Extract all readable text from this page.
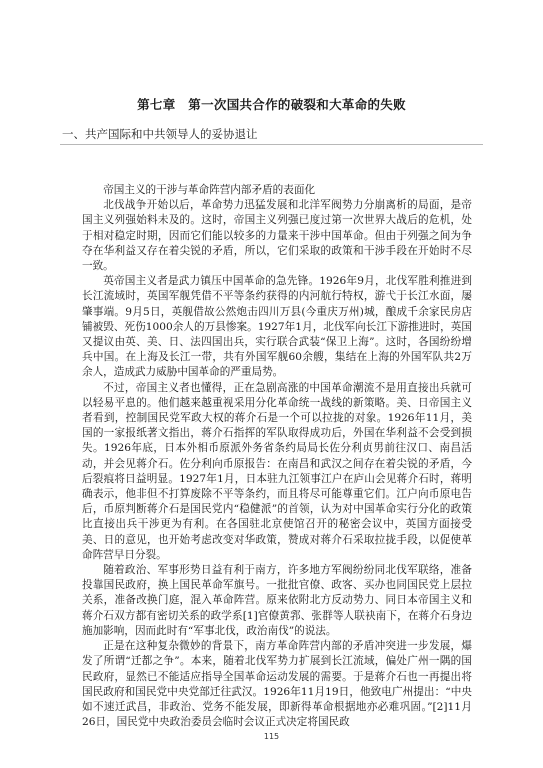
第七章　第一次国共合作的破裂和大革命的失败
一、共产国际和中共领导人的妥协退让

帝国主义的干涉与革命阵营内部矛盾的表面化

北伐战争开始以后，革命势力迅猛发展和北洋军阀势力分崩离析的局面，是帝国主义列强始料未及的。这时，帝国主义列强已度过第一次世界大战后的危机，处于相对稳定时期，因而它们能以较多的力量来干涉中国革命。但由于列强之间为争夺在华利益又存在着尖锐的矛盾，所以，它们采取的政策和干涉手段在开始时不尽一致。

英帝国主义者是武力镇压中国革命的急先锋。1926年9月，北伐军胜利推进到长江流域时，英国军舰凭借不平等条约获得的内河航行特权，游弋于长江水面，屡肇事端。9月5日，英舰借故公然炮击四川万县(今重庆万州)城，酿成千余家民房店铺被毁、死伤1000余人的万县惨案。1927年1月，北伐军向长江下游推进时，英国又提议由英、美、日、法四国出兵，实行联合武装“保卫上海”。这时，各国纷纷增兵中国。在上海及长江一带，共有外国军舰60余艘，集结在上海的外国军队共2万余人，造成武力威胁中国革命的严重局势。

不过，帝国主义者也懂得，正在急剧高涨的中国革命潮流不是用直接出兵就可以轻易平息的。他们越来越重视采用分化革命统一战线的新策略。美、日帝国主义者看到，控制国民党军政大权的蒋介石是一个可以拉拢的对象。1926年11月，美国的一家报纸著文指出，蒋介石指挥的军队取得成功后，外国在华利益不会受到损失。1926年底，日本外相币原派外务省条约局局长佐分利贞男前往汉口、南昌活动，并会见蒋介石。佐分利向币原报告：在南昌和武汉之间存在着尖锐的矛盾，今后裂痕将日益明显。1927年1月，日本驻九江领事江户在庐山会见蒋介石时，蒋明确表示，他非但不打算废除不平等条约，而且将尽可能尊重它们。江户向币原电告后，币原判断蒋介石是国民党内“稳健派”的首领，认为对中国革命实行分化的政策比直接出兵干涉更为有利。在各国驻北京使馆召开的秘密会议中，英国方面接受美、日的意见，也开始考虑改变对华政策，赞成对蒋介石采取拉拢手段，以促使革命阵营早日分裂。

随着政治、军事形势日益有利于南方，许多地方军阀纷纷同北伐军联络，准备投靠国民政府，换上国民革命军旗号。一批批官僚、政客、买办也同国民党上层拉关系，准备改换门庭，混入革命阵营。原来依附北方反动势力、同日本帝国主义和蒋介石双方都有密切关系的政学系[1]官僚黄郛、张群等人联袂南下，在蒋介石身边施加影响，因而此时有“军事北伐，政治南伐”的说法。

正是在这种复杂微妙的背景下，南方革命阵营内部的矛盾冲突进一步发展，爆发了所谓“迁都之争”。本来，随着北伐军势力扩展到长江流域，偏处广州一隅的国民政府，显然已不能适应指导全国革命运动发展的需要。于是蒋介石也一再提出将国民政府和国民党中央党部迁往武汉。1926年11月19日，他致电广州提出：“中央如不速迁武昌，非政治、党务不能发展，即新得革命根据地亦必难巩固。”[2]11月26日，国民党中央政治委员会临时会议正式决定将国民政

115
